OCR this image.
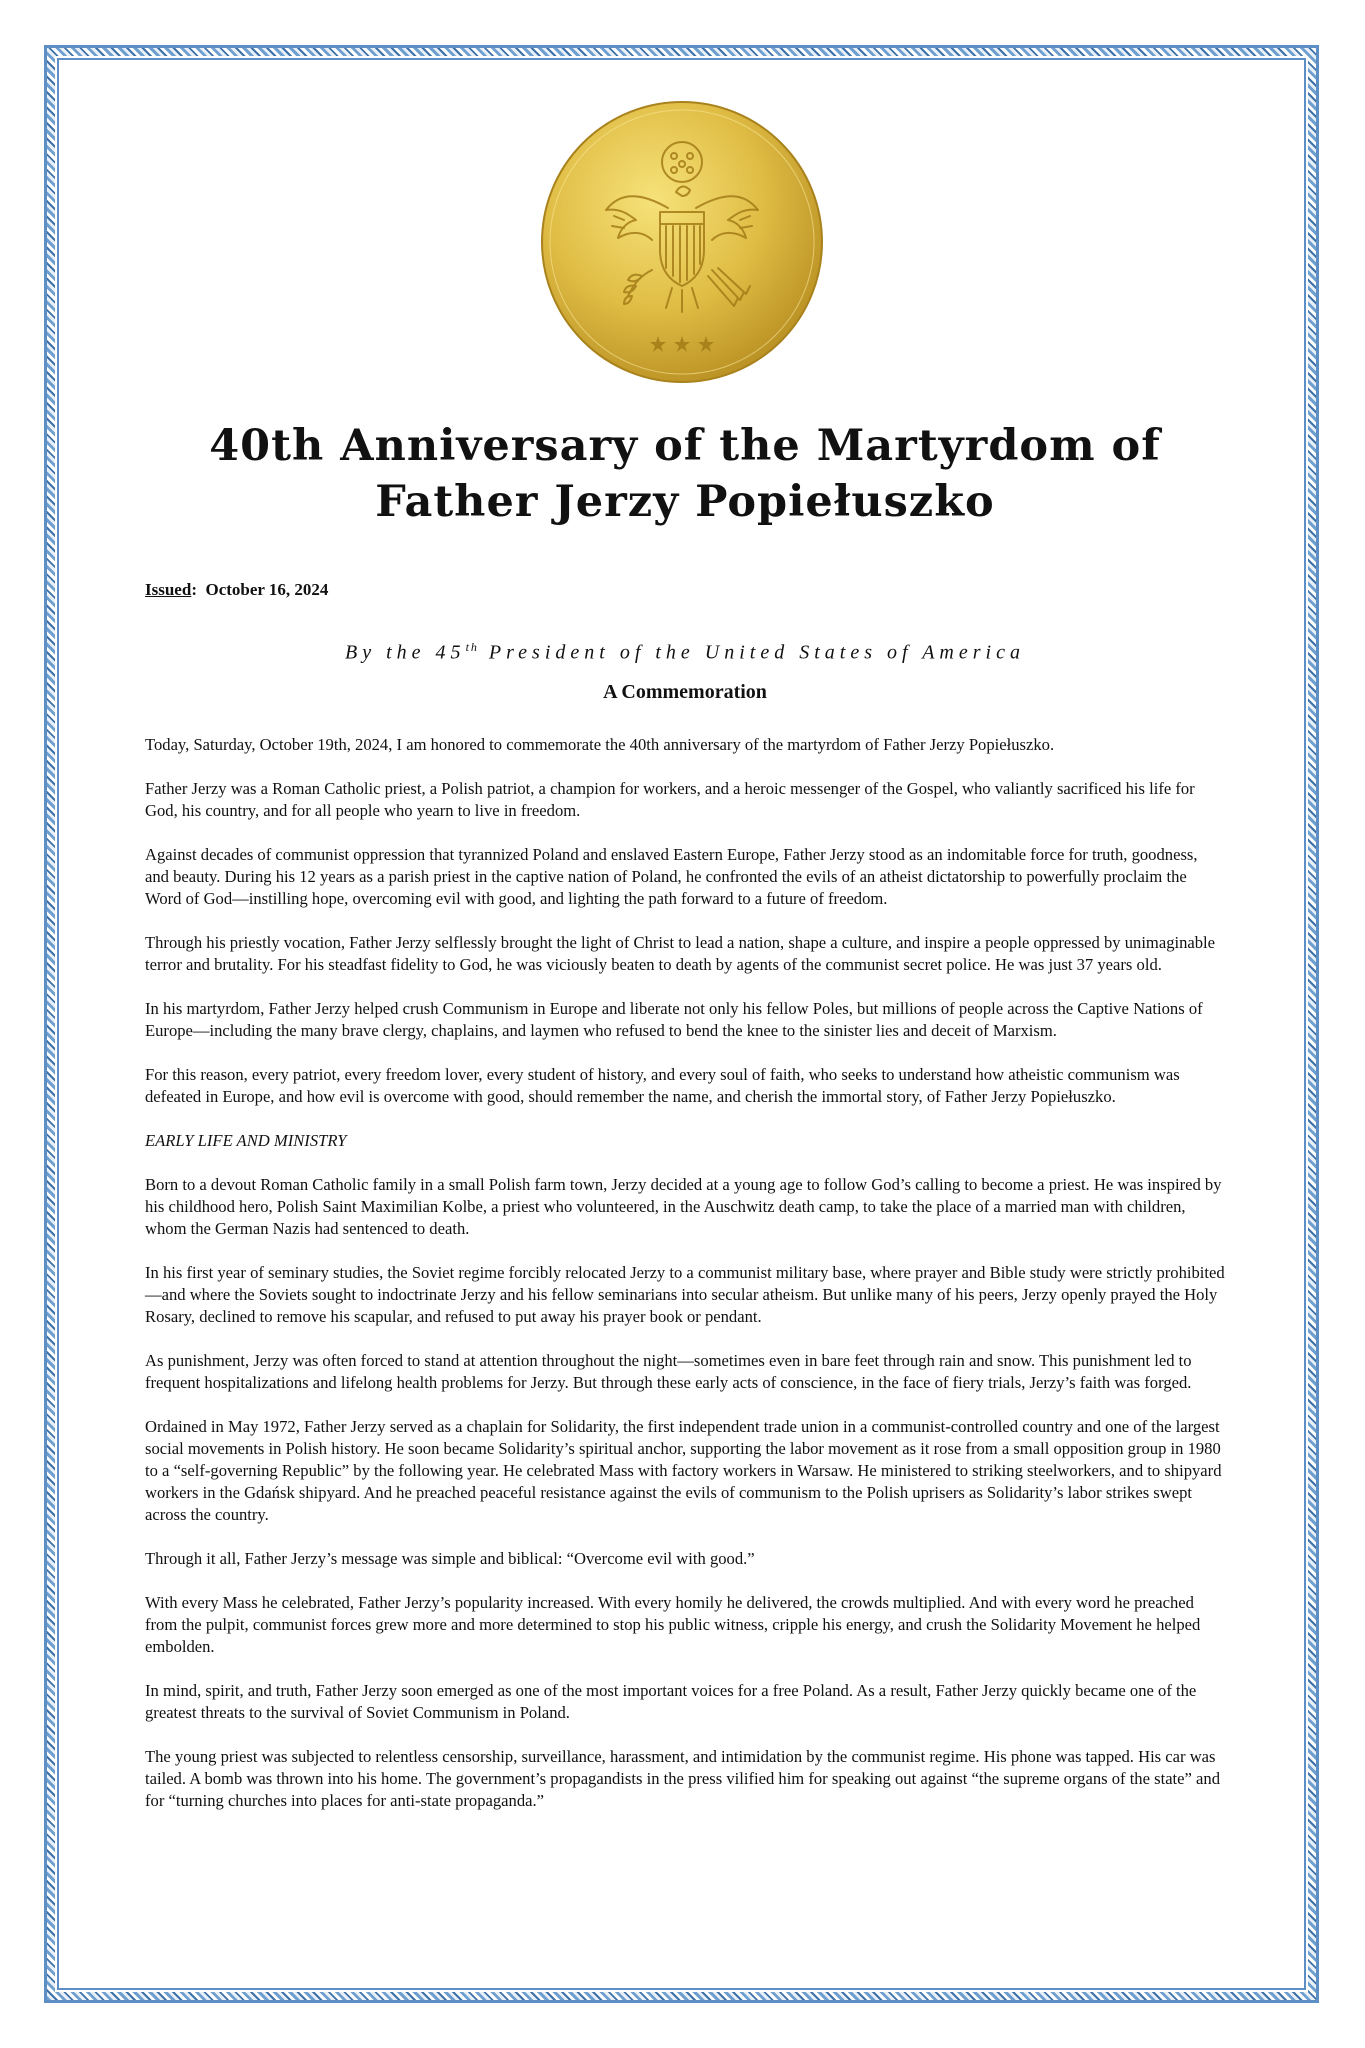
40th Anniversary of the Martyrdom of
Father Jerzy Popiełuszko
Issued: October 16, 2024
By the 45th President of the United States of America
A Commemoration

Today, Saturday, October 19th, 2024, I am honored to commemorate the 40th anniversary of the martyrdom of Father Jerzy Popiełuszko.

Father Jerzy was a Roman Catholic priest, a Polish patriot, a champion for workers, and a heroic messenger of the Gospel, who valiantly sacrificed his life for God, his country, and for all people who yearn to live in freedom.

Against decades of communist oppression that tyrannized Poland and enslaved Eastern Europe, Father Jerzy stood as an indomitable force for truth, goodness, and beauty. During his 12 years as a parish priest in the captive nation of Poland, he confronted the evils of an atheist dictatorship to powerfully proclaim the Word of God—instilling hope, overcoming evil with good, and lighting the path forward to a future of freedom.

Through his priestly vocation, Father Jerzy selflessly brought the light of Christ to lead a nation, shape a culture, and inspire a people oppressed by unimaginable terror and brutality. For his steadfast fidelity to God, he was viciously beaten to death by agents of the communist secret police. He was just 37 years old.

In his martyrdom, Father Jerzy helped crush Communism in Europe and liberate not only his fellow Poles, but millions of people across the Captive Nations of Europe—including the many brave clergy, chaplains, and laymen who refused to bend the knee to the sinister lies and deceit of Marxism.

For this reason, every patriot, every freedom lover, every student of history, and every soul of faith, who seeks to understand how atheistic communism was defeated in Europe, and how evil is overcome with good, should remember the name, and cherish the immortal story, of Father Jerzy Popiełuszko.

EARLY LIFE AND MINISTRY

Born to a devout Roman Catholic family in a small Polish farm town, Jerzy decided at a young age to follow God’s calling to become a priest. He was inspired by his childhood hero, Polish Saint Maximilian Kolbe, a priest who volunteered, in the Auschwitz death camp, to take the place of a married man with children, whom the German Nazis had sentenced to death.

In his first year of seminary studies, the Soviet regime forcibly relocated Jerzy to a communist military base, where prayer and Bible study were strictly prohibited—and where the Soviets sought to indoctrinate Jerzy and his fellow seminarians into secular atheism. But unlike many of his peers, Jerzy openly prayed the Holy Rosary, declined to remove his scapular, and refused to put away his prayer book or pendant.

As punishment, Jerzy was often forced to stand at attention throughout the night—sometimes even in bare feet through rain and snow. This punishment led to frequent hospitalizations and lifelong health problems for Jerzy. But through these early acts of conscience, in the face of fiery trials, Jerzy’s faith was forged.

Ordained in May 1972, Father Jerzy served as a chaplain for Solidarity, the first independent trade union in a communist-controlled country and one of the largest social movements in Polish history. He soon became Solidarity’s spiritual anchor, supporting the labor movement as it rose from a small opposition group in 1980 to a “self-governing Republic” by the following year. He celebrated Mass with factory workers in Warsaw. He ministered to striking steelworkers, and to shipyard workers in the Gdańsk shipyard. And he preached peaceful resistance against the evils of communism to the Polish uprisers as Solidarity’s labor strikes swept across the country.

Through it all, Father Jerzy’s message was simple and biblical: “Overcome evil with good.”

With every Mass he celebrated, Father Jerzy’s popularity increased. With every homily he delivered, the crowds multiplied. And with every word he preached from the pulpit, communist forces grew more and more determined to stop his public witness, cripple his energy, and crush the Solidarity Movement he helped embolden.

In mind, spirit, and truth, Father Jerzy soon emerged as one of the most important voices for a free Poland. As a result, Father Jerzy quickly became one of the greatest threats to the survival of Soviet Communism in Poland.

The young priest was subjected to relentless censorship, surveillance, harassment, and intimidation by the communist regime. His phone was tapped. His car was tailed. A bomb was thrown into his home. The government’s propagandists in the press vilified him for speaking out against “the supreme organs of the state” and for “turning churches into places for anti-state propaganda.”
